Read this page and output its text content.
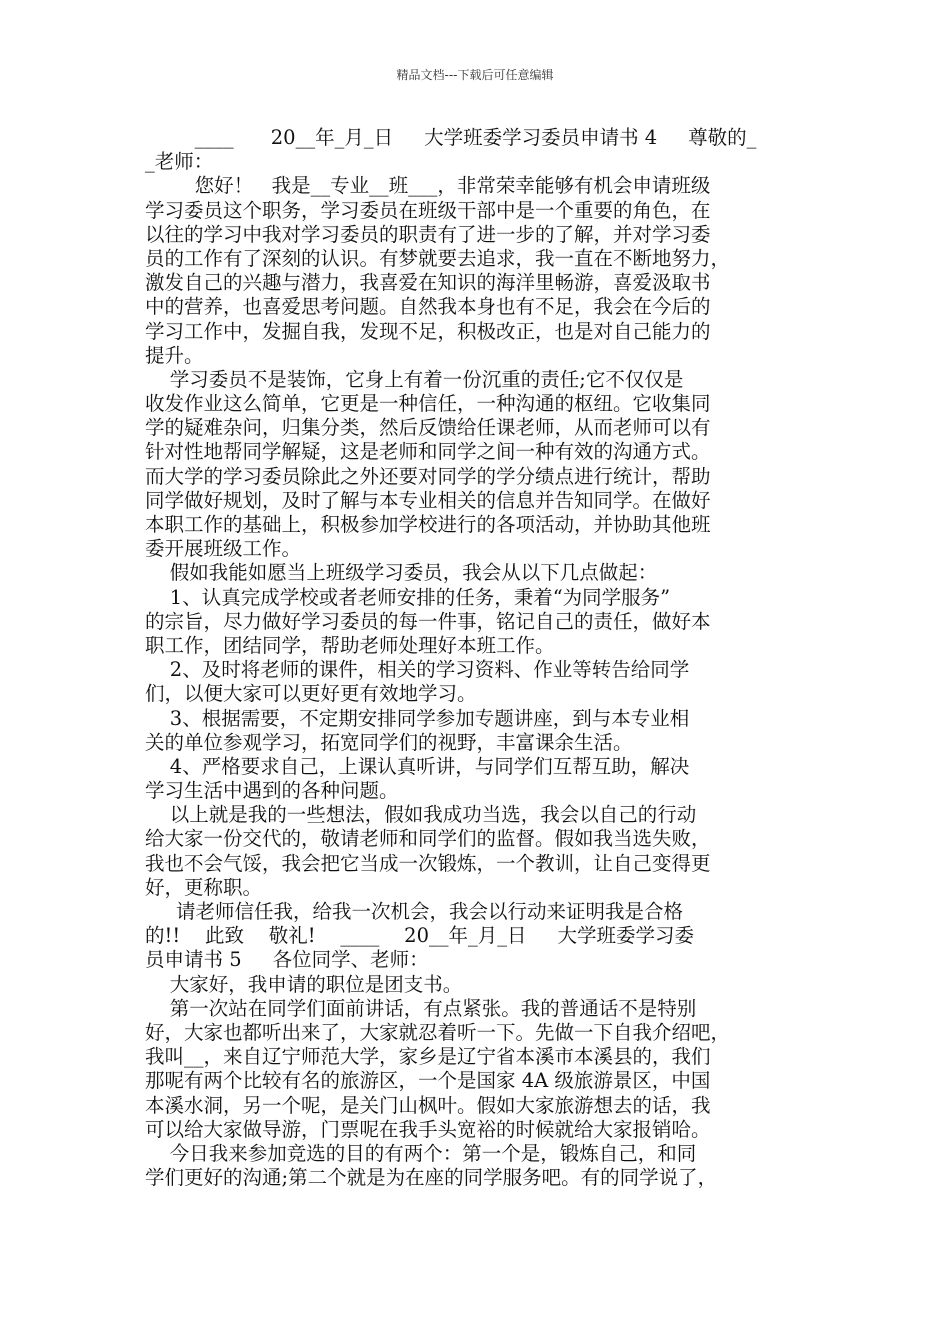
精品文档---下载后可任意编辑
____      20__年_月_日     大学班委学习委员申请书 4     尊敬的_
_老师：
您好！   我是__专业__班___，非常荣幸能够有机会申请班级
学习委员这个职务，学习委员在班级干部中是一个重要的角色，在
以往的学习中我对学习委员的职责有了进一步的了解，并对学习委
员的工作有了深刻的认识。有梦就要去追求，我一直在不断地努力，
激发自己的兴趣与潜力，我喜爱在知识的海洋里畅游，喜爱汲取书
中的营养，也喜爱思考问题。自然我本身也有不足，我会在今后的
学习工作中，发掘自我，发现不足，积极改正，也是对自己能力的
提升。
学习委员不是装饰，它身上有着一份沉重的责任;它不仅仅是
收发作业这么简单，它更是一种信任，一种沟通的枢纽。它收集同
学的疑难杂问，归集分类，然后反馈给任课老师，从而老师可以有
针对性地帮同学解疑，这是老师和同学之间一种有效的沟通方式。
而大学的学习委员除此之外还要对同学的学分绩点进行统计，帮助
同学做好规划，及时了解与本专业相关的信息并告知同学。在做好
本职工作的基础上，积极参加学校进行的各项活动，并协助其他班
委开展班级工作。
假如我能如愿当上班级学习委员，我会从以下几点做起：
1、认真完成学校或者老师安排的任务，秉着“为同学服务”
的宗旨，尽力做好学习委员的每一件事，铭记自己的责任，做好本
职工作，团结同学，帮助老师处理好本班工作。
2、及时将老师的课件，相关的学习资料、作业等转告给同学
们，以便大家可以更好更有效地学习。
3、根据需要，不定期安排同学参加专题讲座，到与本专业相
关的单位参观学习，拓宽同学们的视野，丰富课余生活。
4、严格要求自己，上课认真听讲，与同学们互帮互助，解决
学习生活中遇到的各种问题。
以上就是我的一些想法，假如我成功当选，我会以自己的行动
给大家一份交代的，敬请老师和同学们的监督。假如我当选失败，
我也不会气馁，我会把它当成一次锻炼，一个教训，让自己变得更
好，更称职。
请老师信任我，给我一次机会，我会以行动来证明我是合格
的!!    此致    敬礼!    ____    20__年_月_日     大学班委学习委
员申请书 5     各位同学、老师：
大家好，我申请的职位是团支书。
第一次站在同学们面前讲话，有点紧张。我的普通话不是特别
好，大家也都听出来了，大家就忍着听一下。先做一下自我介绍吧，
我叫__，来自辽宁师范大学，家乡是辽宁省本溪市本溪县的，我们
那呢有两个比较有名的旅游区，一个是国家 4A 级旅游景区，中国
本溪水洞，另一个呢，是关门山枫叶。假如大家旅游想去的话，我
可以给大家做导游，门票呢在我手头宽裕的时候就给大家报销哈。
今日我来参加竞选的目的有两个：第一个是，锻炼自己，和同
学们更好的沟通;第二个就是为在座的同学服务吧。有的同学说了，
